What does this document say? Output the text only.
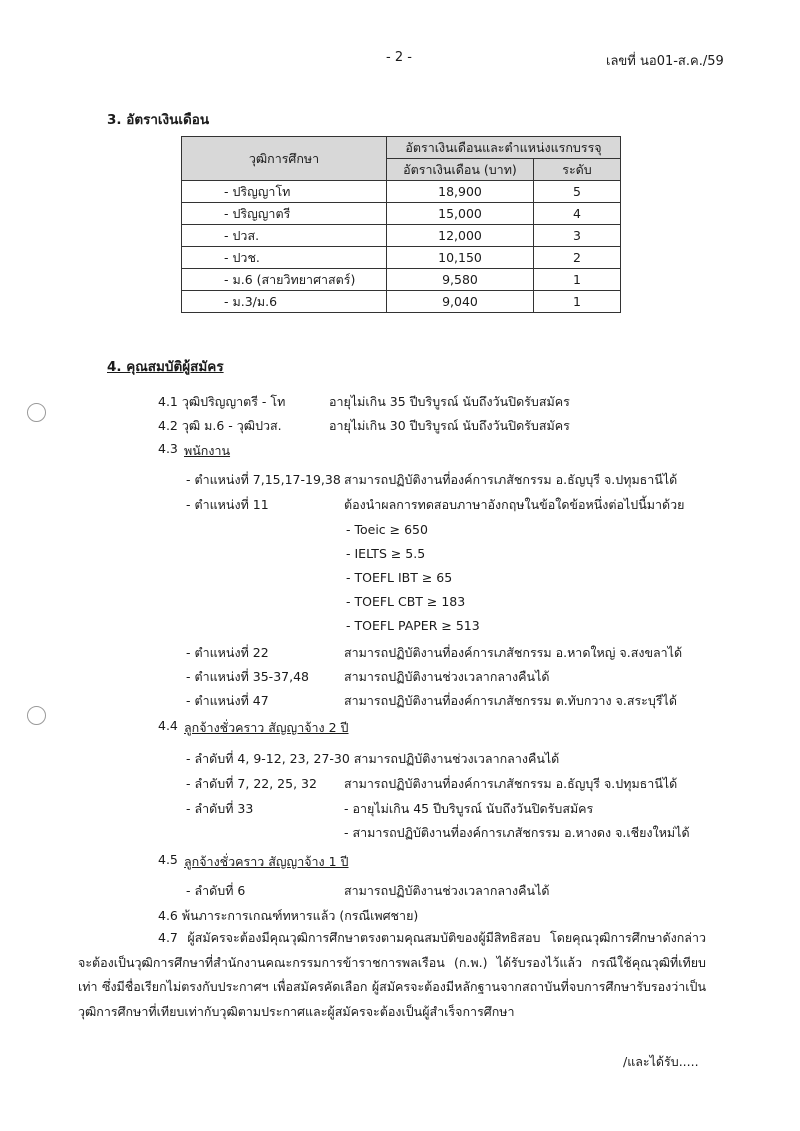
- 2 -	เลขที่ นอ01-ส.ค./59
3. อัตราเงินเดือน
วุฒิการศึกษา	อัตราเงินเดือนและตำแหน่งแรกบรรจุ	
	อัตราเงินเดือน (บาท)	ระดับ
- ปริญญาโท	18,900	5
- ปริญญาตรี	15,000	4
- ปวส.	12,000	3
- ปวช.	10,150	2
- ม.6 (สายวิทยาศาสตร์)	9,580	1
- ม.3/ม.6	9,040	1
4. คุณสมบัติผู้สมัคร
4.1 วุฒิปริญญาตรี - โท	อายุไม่เกิน 35 ปีบริบูรณ์ นับถึงวันปิดรับสมัคร
4.2 วุฒิ ม.6 - วุฒิปวส.	อายุไม่เกิน 30 ปีบริบูรณ์ นับถึงวันปิดรับสมัคร
4.3 พนักงาน
- ตำแหน่งที่ 7,15,17-19,38 สามารถปฏิบัติงานที่องค์การเภสัชกรรม อ.ธัญบุรี จ.ปทุมธานีได้
- ตำแหน่งที่ 11	ต้องนำผลการทดสอบภาษาอังกฤษในข้อใดข้อหนึ่งต่อไปนี้มาด้วย
- Toeic ≥ 650
- IELTS ≥ 5.5
- TOEFL IBT ≥ 65
- TOEFL CBT ≥ 183
- TOEFL PAPER ≥ 513
- ตำแหน่งที่ 22	สามารถปฏิบัติงานที่องค์การเภสัชกรรม อ.หาดใหญ่ จ.สงขลาได้
- ตำแหน่งที่ 35-37,48	สามารถปฏิบัติงานช่วงเวลากลางคืนได้
- ตำแหน่งที่ 47	สามารถปฏิบัติงานที่องค์การเภสัชกรรม ต.ทับกวาง จ.สระบุรีได้
4.4 ลูกจ้างชั่วคราว สัญญาจ้าง 2 ปี
- ลำดับที่ 4, 9-12, 23, 27-30 สามารถปฏิบัติงานช่วงเวลากลางคืนได้
- ลำดับที่ 7, 22, 25, 32 สามารถปฏิบัติงานที่องค์การเภสัชกรรม อ.ธัญบุรี จ.ปทุมธานีได้
- ลำดับที่ 33	- อายุไม่เกิน 45 ปีบริบูรณ์ นับถึงวันปิดรับสมัคร
- สามารถปฏิบัติงานที่องค์การเภสัชกรรม อ.หางดง จ.เชียงใหม่ได้
4.5 ลูกจ้างชั่วคราว สัญญาจ้าง 1 ปี
- ลำดับที่ 6	สามารถปฏิบัติงานช่วงเวลากลางคืนได้
4.6 พ้นภาระการเกณฑ์ทหารแล้ว (กรณีเพศชาย)
4.7 ผู้สมัครจะต้องมีคุณวุฒิการศึกษาตรงตามคุณสมบัติของผู้มีสิทธิสอบ โดยคุณวุฒิการศึกษาดังกล่าว จะต้องเป็นวุฒิการศึกษาที่สำนักงานคณะกรรมการข้าราชการพลเรือน (ก.พ.) ได้รับรองไว้แล้ว กรณีใช้คุณวุฒิที่เทียบเท่า ซึ่งมีชื่อเรียกไม่ตรงกับประกาศฯ เพื่อสมัครคัดเลือก ผู้สมัครจะต้องมีหลักฐานจากสถาบันที่จบการศึกษารับรองว่าเป็นวุฒิการศึกษาที่เทียบเท่ากับวุฒิตามประกาศและผู้สมัครจะต้องเป็นผู้สำเร็จการศึกษา
/และได้รับ.....
